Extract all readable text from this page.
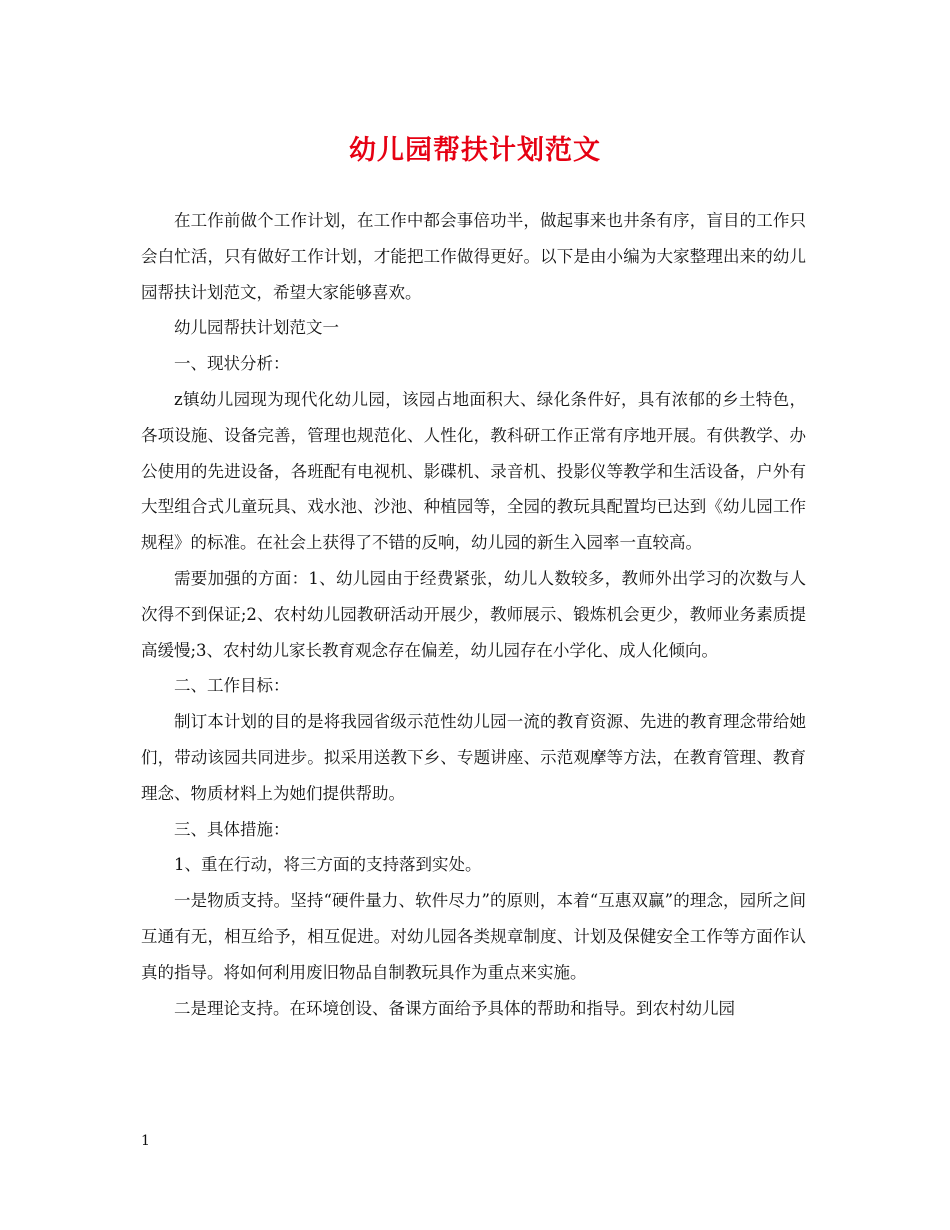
幼儿园帮扶计划范文

在工作前做个工作计划，在工作中都会事倍功半，做起事来也井条有序，盲目的工作只会白忙活，只有做好工作计划，才能把工作做得更好。以下是由小编为大家整理出来的幼儿园帮扶计划范文，希望大家能够喜欢。

幼儿园帮扶计划范文一

一、现状分析：

z镇幼儿园现为现代化幼儿园，该园占地面积大、绿化条件好，具有浓郁的乡土特色，各项设施、设备完善，管理也规范化、人性化，教科研工作正常有序地开展。有供教学、办公使用的先进设备，各班配有电视机、影碟机、录音机、投影仪等教学和生活设备，户外有大型组合式儿童玩具、戏水池、沙池、种植园等，全园的教玩具配置均已达到《幼儿园工作规程》的标准。在社会上获得了不错的反响，幼儿园的新生入园率一直较高。

需要加强的方面：1、幼儿园由于经费紧张，幼儿人数较多，教师外出学习的次数与人次得不到保证;2、农村幼儿园教研活动开展少，教师展示、锻炼机会更少，教师业务素质提高缓慢;3、农村幼儿家长教育观念存在偏差，幼儿园存在小学化、成人化倾向。

二、工作目标：

制订本计划的目的是将我园省级示范性幼儿园一流的教育资源、先进的教育理念带给她们，带动该园共同进步。拟采用送教下乡、专题讲座、示范观摩等方法，在教育管理、教育理念、物质材料上为她们提供帮助。

三、具体措施：

1、重在行动，将三方面的支持落到实处。

一是物质支持。坚持“硬件量力、软件尽力”的原则，本着“互惠双赢”的理念，园所之间互通有无，相互给予，相互促进。对幼儿园各类规章制度、计划及保健安全工作等方面作认真的指导。将如何利用废旧物品自制教玩具作为重点来实施。

二是理论支持。在环境创设、备课方面给予具体的帮助和指导。到农村幼儿园

1
